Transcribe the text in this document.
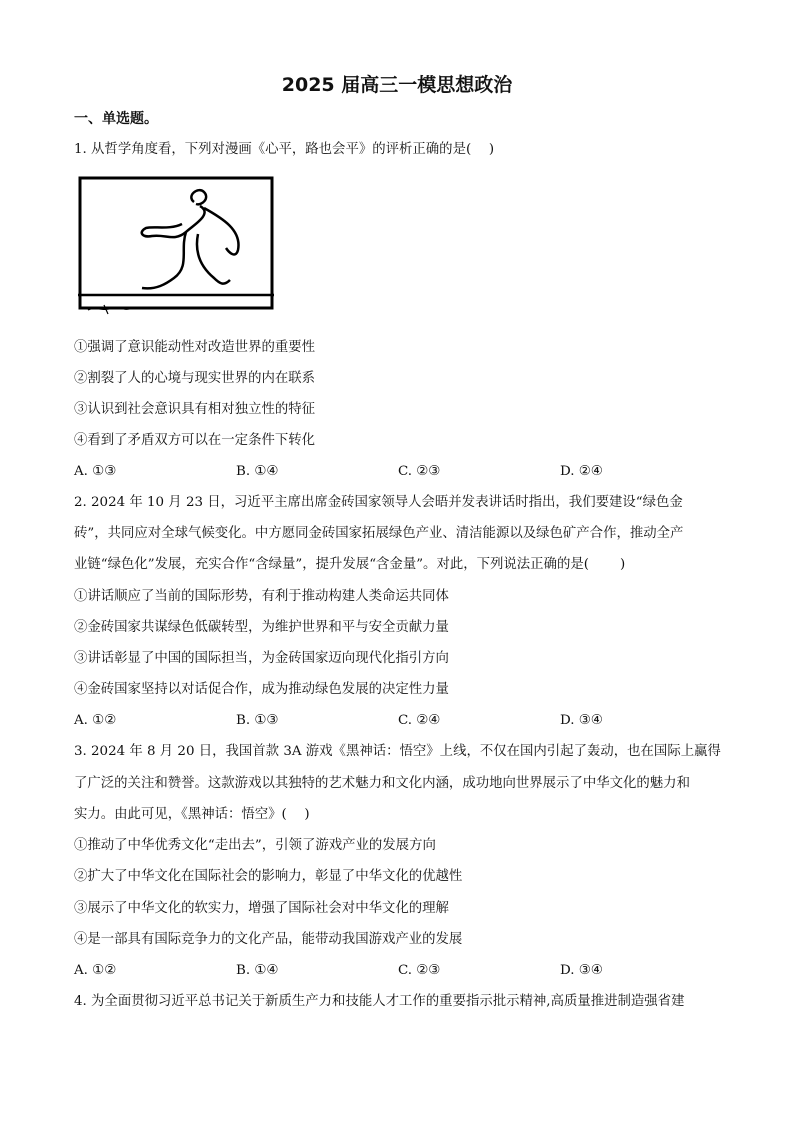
2025 届高三一模思想政治
一、单选题。
1. 从哲学角度看，下列对漫画《心平，路也会平》的评析正确的是(　 )
①强调了意识能动性对改造世界的重要性
②割裂了人的心境与现实世界的内在联系
③认识到社会意识具有相对独立性的特征
④看到了矛盾双方可以在一定条件下转化
A. ①③	B. ①④	C. ②③	D. ②④
2. 2024 年 10 月 23 日，习近平主席出席金砖国家领导人会晤并发表讲话时指出，我们要建设“绿色金
砖”，共同应对全球气候变化。中方愿同金砖国家拓展绿色产业、清洁能源以及绿色矿产合作，推动全产
业链“绿色化”发展，充实合作“含绿量”，提升发展“含金量”。对此，下列说法正确的是(　　 )
①讲话顺应了当前的国际形势，有利于推动构建人类命运共同体
②金砖国家共谋绿色低碳转型，为维护世界和平与安全贡献力量
③讲话彰显了中国的国际担当，为金砖国家迈向现代化指引方向
④金砖国家坚持以对话促合作，成为推动绿色发展的决定性力量
A. ①②	B. ①③	C. ②④	D. ③④
3. 2024 年 8 月 20 日，我国首款 3A 游戏《黑神话：悟空》上线，不仅在国内引起了轰动，也在国际上赢得
了广泛的关注和赞誉。这款游戏以其独特的艺术魅力和文化内涵，成功地向世界展示了中华文化的魅力和
实力。由此可见，《黑神话：悟空》(　 )
①推动了中华优秀文化“走出去”，引领了游戏产业的发展方向
②扩大了中华文化在国际社会的影响力，彰显了中华文化的优越性
③展示了中华文化的软实力，增强了国际社会对中华文化的理解
④是一部具有国际竞争力的文化产品，能带动我国游戏产业的发展
A. ①②	B. ①④	C. ②③	D. ③④
4. 为全面贯彻习近平总书记关于新质生产力和技能人才工作的重要指示批示精神,高质量推进制造强省建
